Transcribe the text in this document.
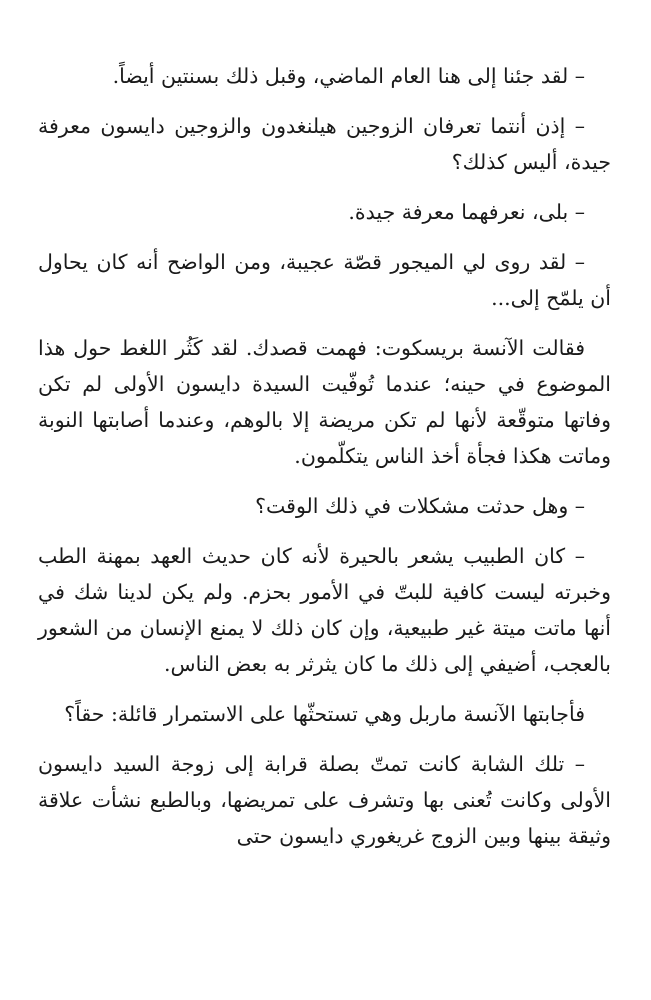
– لقد جئنا إلى هنا العام الماضي، وقبل ذلك بسنتين أيضاً.

– إذن أنتما تعرفان الزوجين هيلنغدون والزوجين دايسون معرفة جيدة، أليس كذلك؟

– بلى، نعرفهما معرفة جيدة.

– لقد روى لي الميجور قصّة عجيبة، ومن الواضح أنه كان يحاول أن يلمّح إلى...

فقالت الآنسة بريسكوت: فهمت قصدك. لقد كَثُر اللغط حول هذا الموضوع في حينه؛ عندما تُوفّيت السيدة دايسون الأولى لم تكن وفاتها متوقّعة لأنها لم تكن مريضة إلا بالوهم، وعندما أصابتها النوبة وماتت هكذا فجأة أخذ الناس يتكلّمون.

– وهل حدثت مشكلات في ذلك الوقت؟

– كان الطبيب يشعر بالحيرة لأنه كان حديث العهد بمهنة الطب وخبرته ليست كافية للبتّ في الأمور بحزم. ولم يكن لدينا شك في أنها ماتت ميتة غير طبيعية، وإن كان ذلك لا يمنع الإنسان من الشعور بالعجب، أضيفي إلى ذلك ما كان يثرثر به بعض الناس.

فأجابتها الآنسة ماربل وهي تستحثّها على الاستمرار قائلة: حقاً؟

– تلك الشابة كانت تمتّ بصلة قرابة إلى زوجة السيد دايسون الأولى وكانت تُعنى بها وتشرف على تمريضها، وبالطبع نشأت علاقة وثيقة بينها وبين الزوج غريغوري دايسون حتى
